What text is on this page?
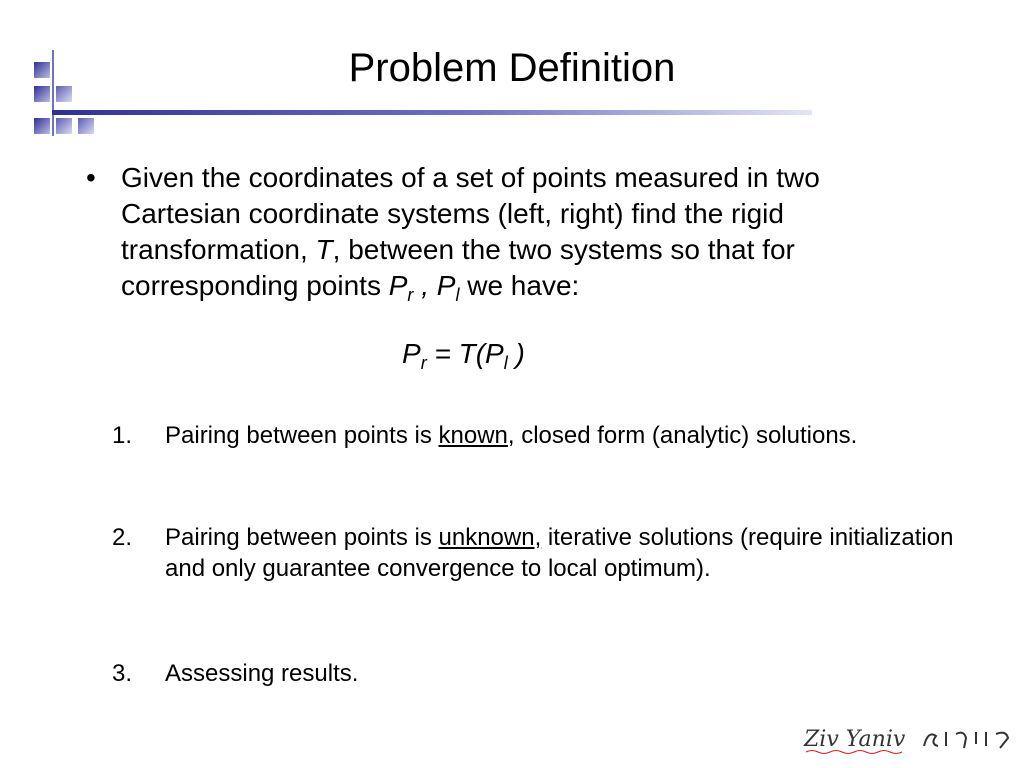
Problem Definition
• Given the coordinates of a set of points measured in two Cartesian coordinate systems (left, right) find the rigid transformation, T, between the two systems so that for corresponding points $P_r$ , $P_l$ we have:
$P_r = T(P_l$ )
1. Pairing between points is known, closed form (analytic) solutions.
2. Pairing between points is unknown, iterative solutions (require initialization and only guarantee convergence to local optimum).
3. Assessing results.
Ziv Yaniv
